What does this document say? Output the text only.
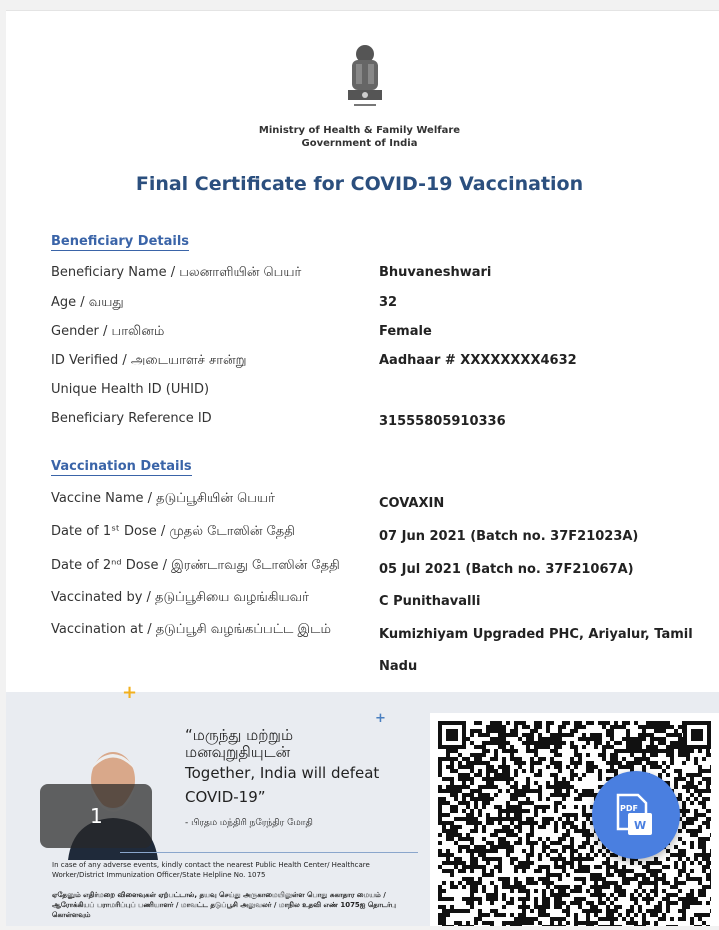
Ministry of Health & Family Welfare
Government of India
Final Certificate for COVID-19 Vaccination
Beneficiary Details
Beneficiary Name / பலனாளியின் பெயர்	Bhuvaneshwari
Age / வயது	32
Gender / பாலினம்	Female
ID Verified / அடையாளச் சான்று	Aadhaar # XXXXXXXX4632
Unique Health ID (UHID)
Beneficiary Reference ID	31555805910336
Vaccination Details
Vaccine Name / தடுப்பூசியின் பெயர்	COVAXIN
Date of 1ˢᵗ Dose / முதல் டோஸின் தேதி	07 Jun 2021 (Batch no. 37F21023A)
Date of 2ⁿᵈ Dose / இரண்டாவது டோஸின் தேதி	05 Jul 2021 (Batch no. 37F21067A)
Vaccinated by / தடுப்பூசியை வழங்கியவர்	C Punithavalli
Vaccination at / தடுப்பூசி வழங்கப்பட்ட இடம்	Kumizhiyam Upgraded PHC, Ariyalur, Tamil
Nadu
+
+
“மருந்து மற்றும்
மனவுறுதியுடன்
Together, India will defeat
COVID-19”
- பிரதம மந்திரி நரேந்திர மோதி
In case of any adverse events, kindly contact the nearest Public Health Center/ Healthcare Worker/District Immunization Officer/State Helpline No. 1075
ஏதேனும் எதிர்மறை விளைவுகள் ஏற்பட்டால், தயவு செய்து அருகாமையிலுள்ள பொது சுகாதார மையம் / ஆரோக்கியப் பராமரிப்புப் பணியாளர் / மாவட்ட தடுப்பூசி அலுவலர் / மாநில உதவி எண் 1075ஐ தொடர்பு கொள்ளவும்
1	PDF
W
